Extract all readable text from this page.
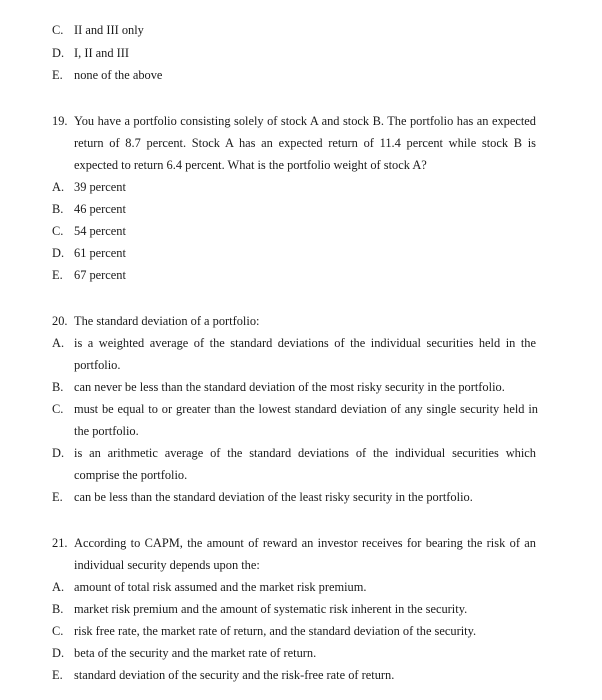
C. II and III only
D. I, II and III
E. none of the above
19. You have a portfolio consisting solely of stock A and stock B. The portfolio has an expected
return of 8.7 percent. Stock A has an expected return of 11.4 percent while stock B is
expected to return 6.4 percent. What is the portfolio weight of stock A?
A. 39 percent
B. 46 percent
C. 54 percent
D. 61 percent
E. 67 percent
20. The standard deviation of a portfolio:
A. is a weighted average of the standard deviations of the individual securities held in the
portfolio.
B. can never be less than the standard deviation of the most risky security in the portfolio.
C. must be equal to or greater than the lowest standard deviation of any single security held in
the portfolio.
D. is an arithmetic average of the standard deviations of the individual securities which
comprise the portfolio.
E. can be less than the standard deviation of the least risky security in the portfolio.
21. According to CAPM, the amount of reward an investor receives for bearing the risk of an
individual security depends upon the:
A. amount of total risk assumed and the market risk premium.
B. market risk premium and the amount of systematic risk inherent in the security.
C. risk free rate, the market rate of return, and the standard deviation of the security.
D. beta of the security and the market rate of return.
E. standard deviation of the security and the risk-free rate of return.
